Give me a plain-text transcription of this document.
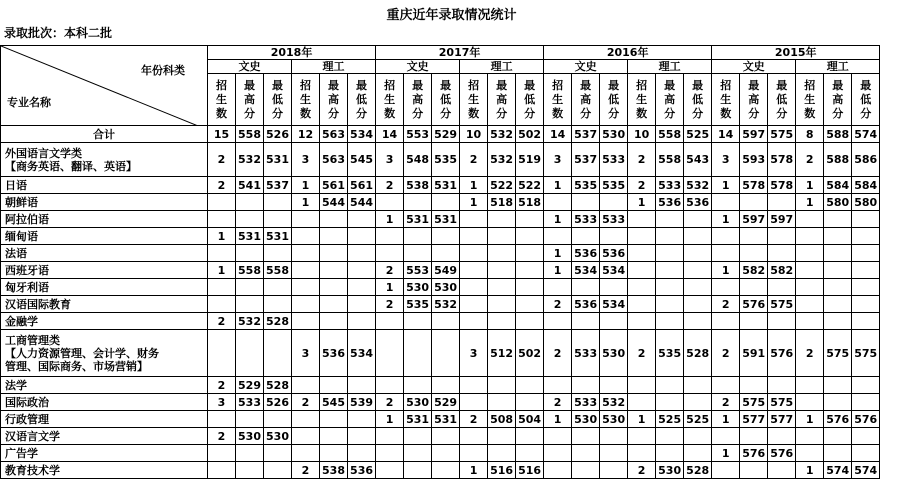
重庆近年录取情况统计
录取批次：本科二批
年份科类
专业名称	2018年						2017年						2016年						2015年					
	文史			理工			文史			理工			文史			理工			文史			理工		
	招生数	最高分	最低分	招生数	最高分	最低分	招生数	最高分	最低分	招生数	最高分	最低分	招生数	最高分	最低分	招生数	最高分	最低分	招生数	最高分	最低分	招生数	最高分	最低分
合计	15	558	526	12	563	534	14	553	529	10	532	502	14	537	530	10	558	525	14	597	575	8	588	574
外国语言文学类
【商务英语、翻译、英语】	2	532	531	3	563	545	3	548	535	2	532	519	3	537	533	2	558	543	3	593	578	2	588	586
日语	2	541	537	1	561	561	2	538	531	1	522	522	1	535	535	2	533	532	1	578	578	1	584	584
朝鲜语				1	544	544				1	518	518				1	536	536				1	580	580
阿拉伯语							1	531	531				1	533	533				1	597	597			
缅甸语	1	531	531																					
法语													1	536	536									
西班牙语	1	558	558				2	553	549				1	534	534				1	582	582			
匈牙利语							1	530	530															
汉语国际教育							2	535	532				2	536	534				2	576	575			
金融学	2	532	528																					
工商管理类
【人力资源管理、会计学、财务
管理、国际商务、市场营销】				3	536	534				3	512	502	2	533	530	2	535	528	2	591	576	2	575	575
法学	2	529	528																					
国际政治	3	533	526	2	545	539	2	530	529				2	533	532				2	575	575			
行政管理							1	531	531	2	508	504	1	530	530	1	525	525	1	577	577	1	576	576
汉语言文学	2	530	530																					
广告学																			1	576	576			
教育技术学				2	538	536				1	516	516				2	530	528				1	574	574
